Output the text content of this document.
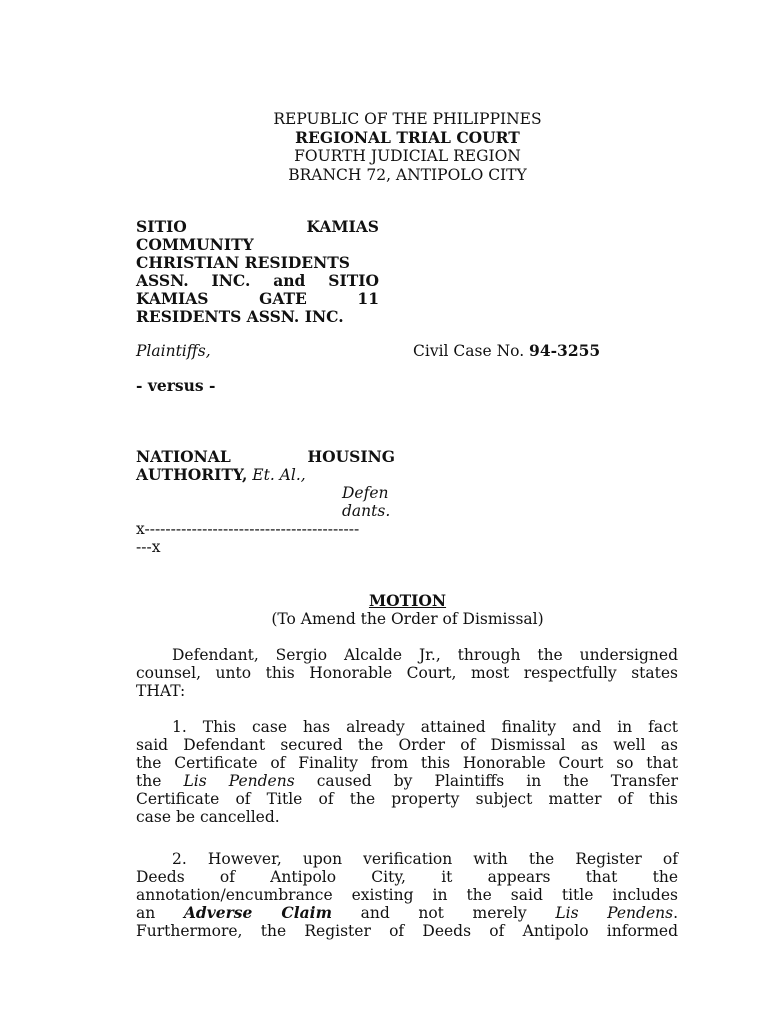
REPUBLIC OF THE PHILIPPINES
REGIONAL TRIAL COURT
FOURTH JUDICIAL REGION
BRANCH 72, ANTIPOLO CITY
SITIO KAMIAS
COMMUNITY
CHRISTIAN RESIDENTS
ASSN. INC. and SITIO
KAMIAS GATE 11
RESIDENTS ASSN. INC.
Plaintiffs,	Civil Case No. 94-3255
- versus -
NATIONAL HOUSING
AUTHORITY, Et. Al.,
Defen
dants.
x-----------------------------------------
---x
MOTION
(To Amend the Order of Dismissal)
Defendant, Sergio Alcalde Jr., through the undersigned
counsel, unto this Honorable Court, most respectfully states
THAT:
1. This case has already attained finality and in fact
said Defendant secured the Order of Dismissal as well as
the Certificate of Finality from this Honorable Court so that
the Lis Pendens caused by Plaintiffs in the Transfer
Certificate of Title of the property subject matter of this
case be cancelled.
2. However, upon verification with the Register of
Deeds of Antipolo City, it appears that the
annotation/encumbrance existing in the said title includes
an Adverse Claim and not merely Lis Pendens.
Furthermore, the Register of Deeds of Antipolo informed
